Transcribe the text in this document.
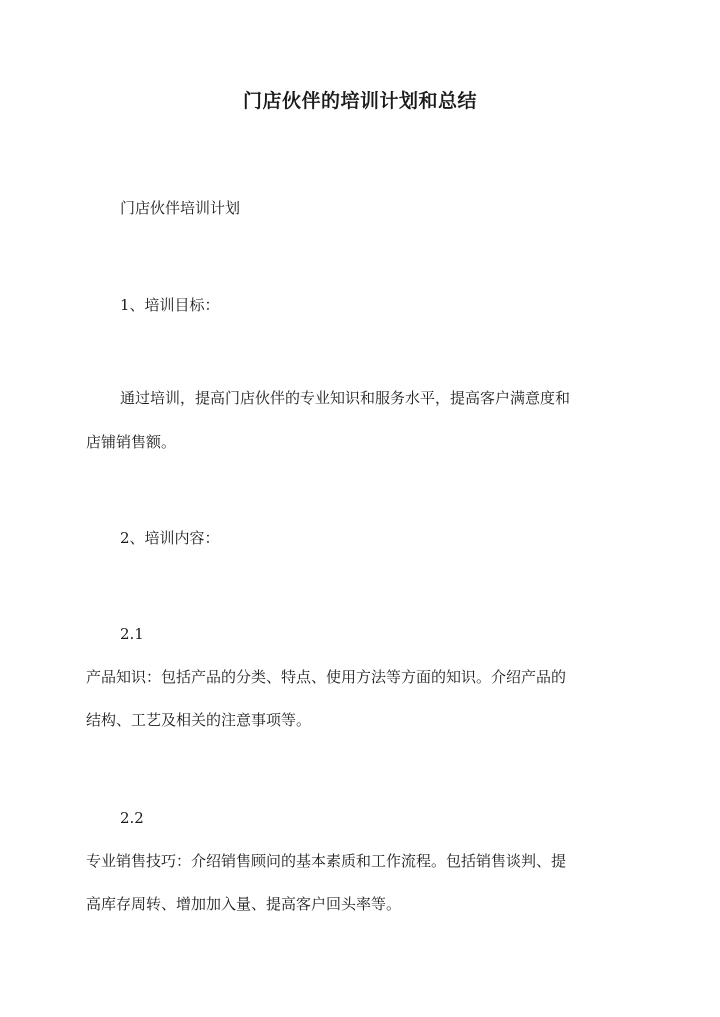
门店伙伴的培训计划和总结

门店伙伴培训计划

1、培训目标：

通过培训，提高门店伙伴的专业知识和服务水平，提高客户满意度和

店铺销售额。

2、培训内容：

2.1

产品知识：包括产品的分类、特点、使用方法等方面的知识。介绍产品的

结构、工艺及相关的注意事项等。

2.2

专业销售技巧：介绍销售顾问的基本素质和工作流程。包括销售谈判、提

高库存周转、增加加入量、提高客户回头率等。
